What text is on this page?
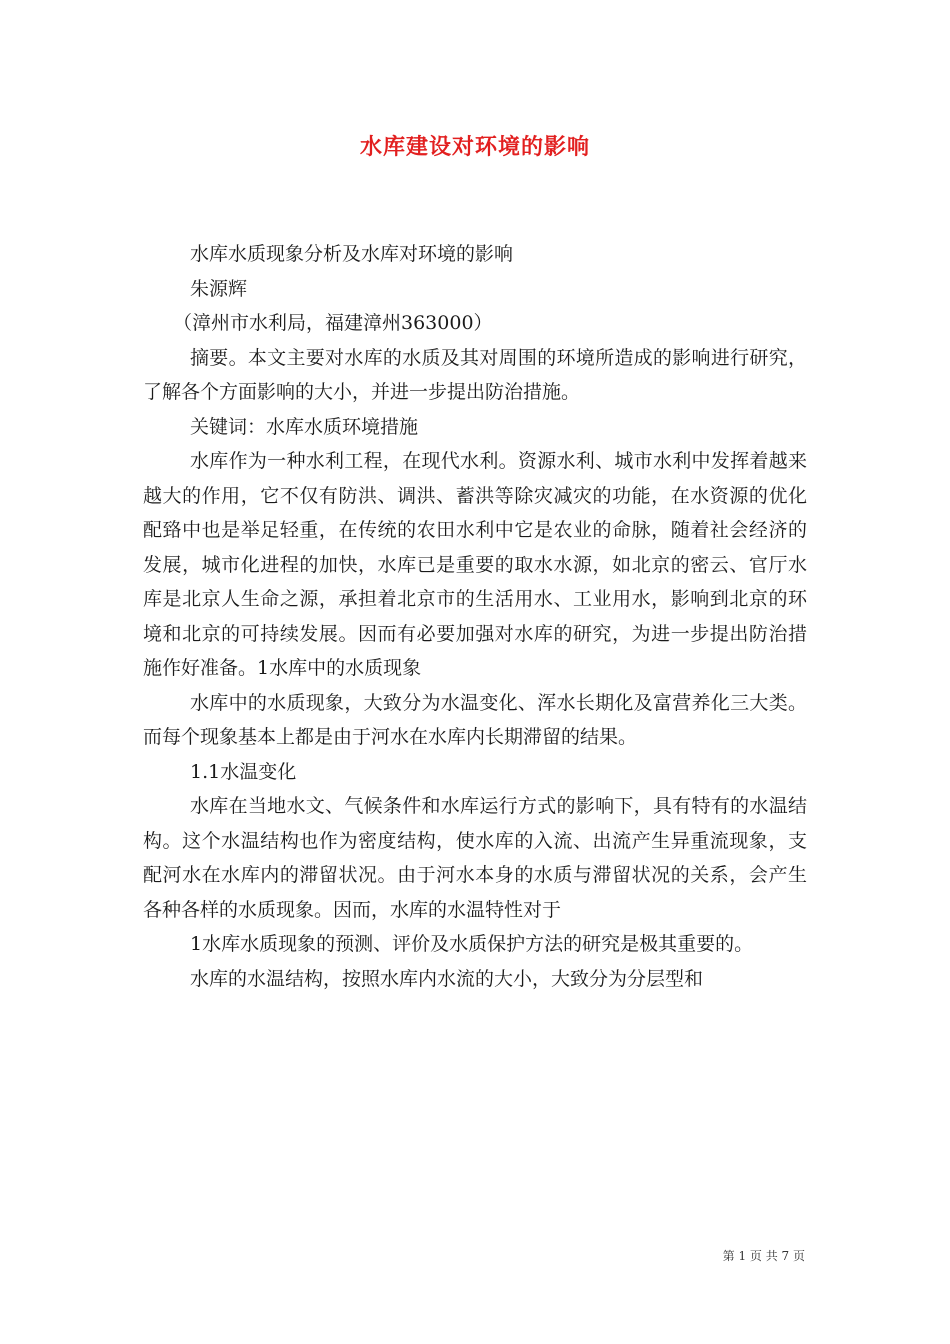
水库建设对环境的影响

水库水质现象分析及水库对环境的影响

朱源辉

（漳州市水利局，福建漳州363000）

摘要。本文主要对水库的水质及其对周围的环境所造成的影响进行研究，了解各个方面影响的大小，并进一步提出防治措施。

关键词：水库水质环境措施

水库作为一种水利工程，在现代水利。资源水利、城市水利中发挥着越来越大的作用，它不仅有防洪、调洪、蓄洪等除灾减灾的功能，在水资源的优化配臵中也是举足轻重，在传统的农田水利中它是农业的命脉，随着社会经济的发展，城市化进程的加快，水库已是重要的取水水源，如北京的密云、官厅水库是北京人生命之源，承担着北京市的生活用水、工业用水，影响到北京的环境和北京的可持续发展。因而有必要加强对水库的研究，为进一步提出防治措施作好准备。1水库中的水质现象

水库中的水质现象，大致分为水温变化、浑水长期化及富营养化三大类。而每个现象基本上都是由于河水在水库内长期滞留的结果。

1.1水温变化

水库在当地水文、气候条件和水库运行方式的影响下，具有特有的水温结构。这个水温结构也作为密度结构，使水库的入流、出流产生异重流现象，支配河水在水库内的滞留状况。由于河水本身的水质与滞留状况的关系，会产生各种各样的水质现象。因而，水库的水温特性对于

1水库水质现象的预测、评价及水质保护方法的研究是极其重要的。

水库的水温结构，按照水库内水流的大小，大致分为分层型和

第 1 页 共 7 页
